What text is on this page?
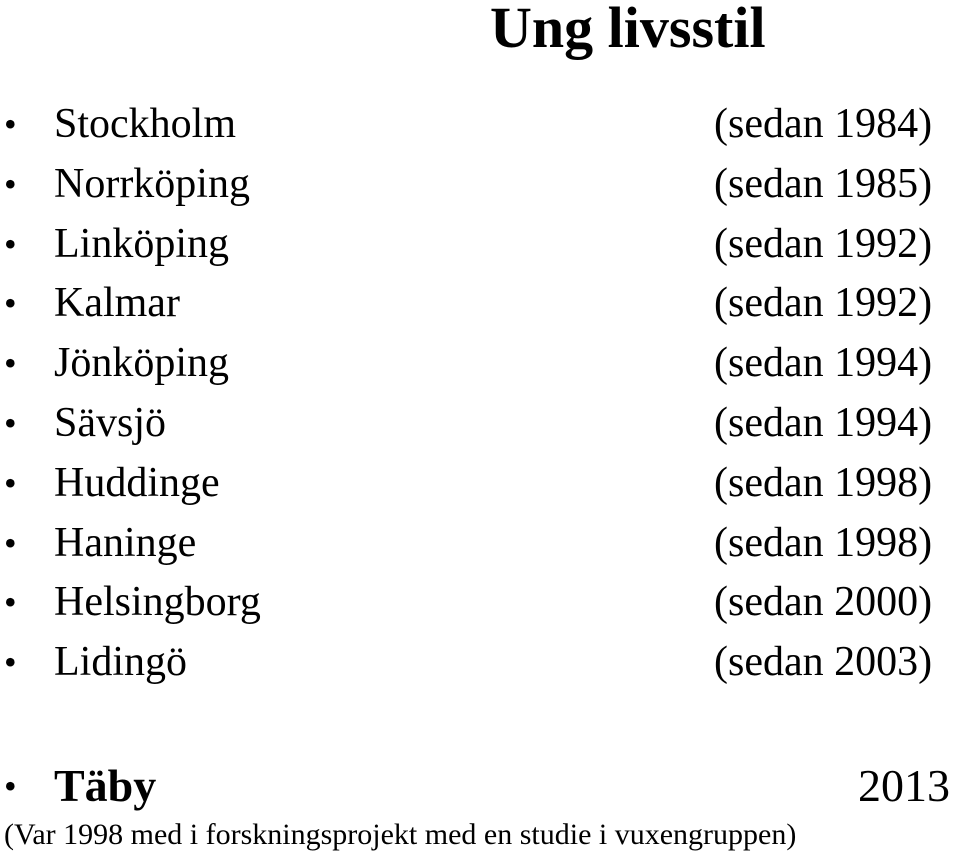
Ung livsstil
• Stockholm	(sedan 1984)
• Norrköping	(sedan 1985)
• Linköping	(sedan 1992)
• Kalmar	(sedan 1992)
• Jönköping	(sedan 1994)
• Sävsjö	(sedan 1994)
• Huddinge	(sedan 1998)
• Haninge	(sedan 1998)
• Helsingborg	(sedan 2000)
• Lidingö	(sedan 2003)
• Täby	2013
(Var 1998 med i forskningsprojekt med en studie i vuxengruppen)
